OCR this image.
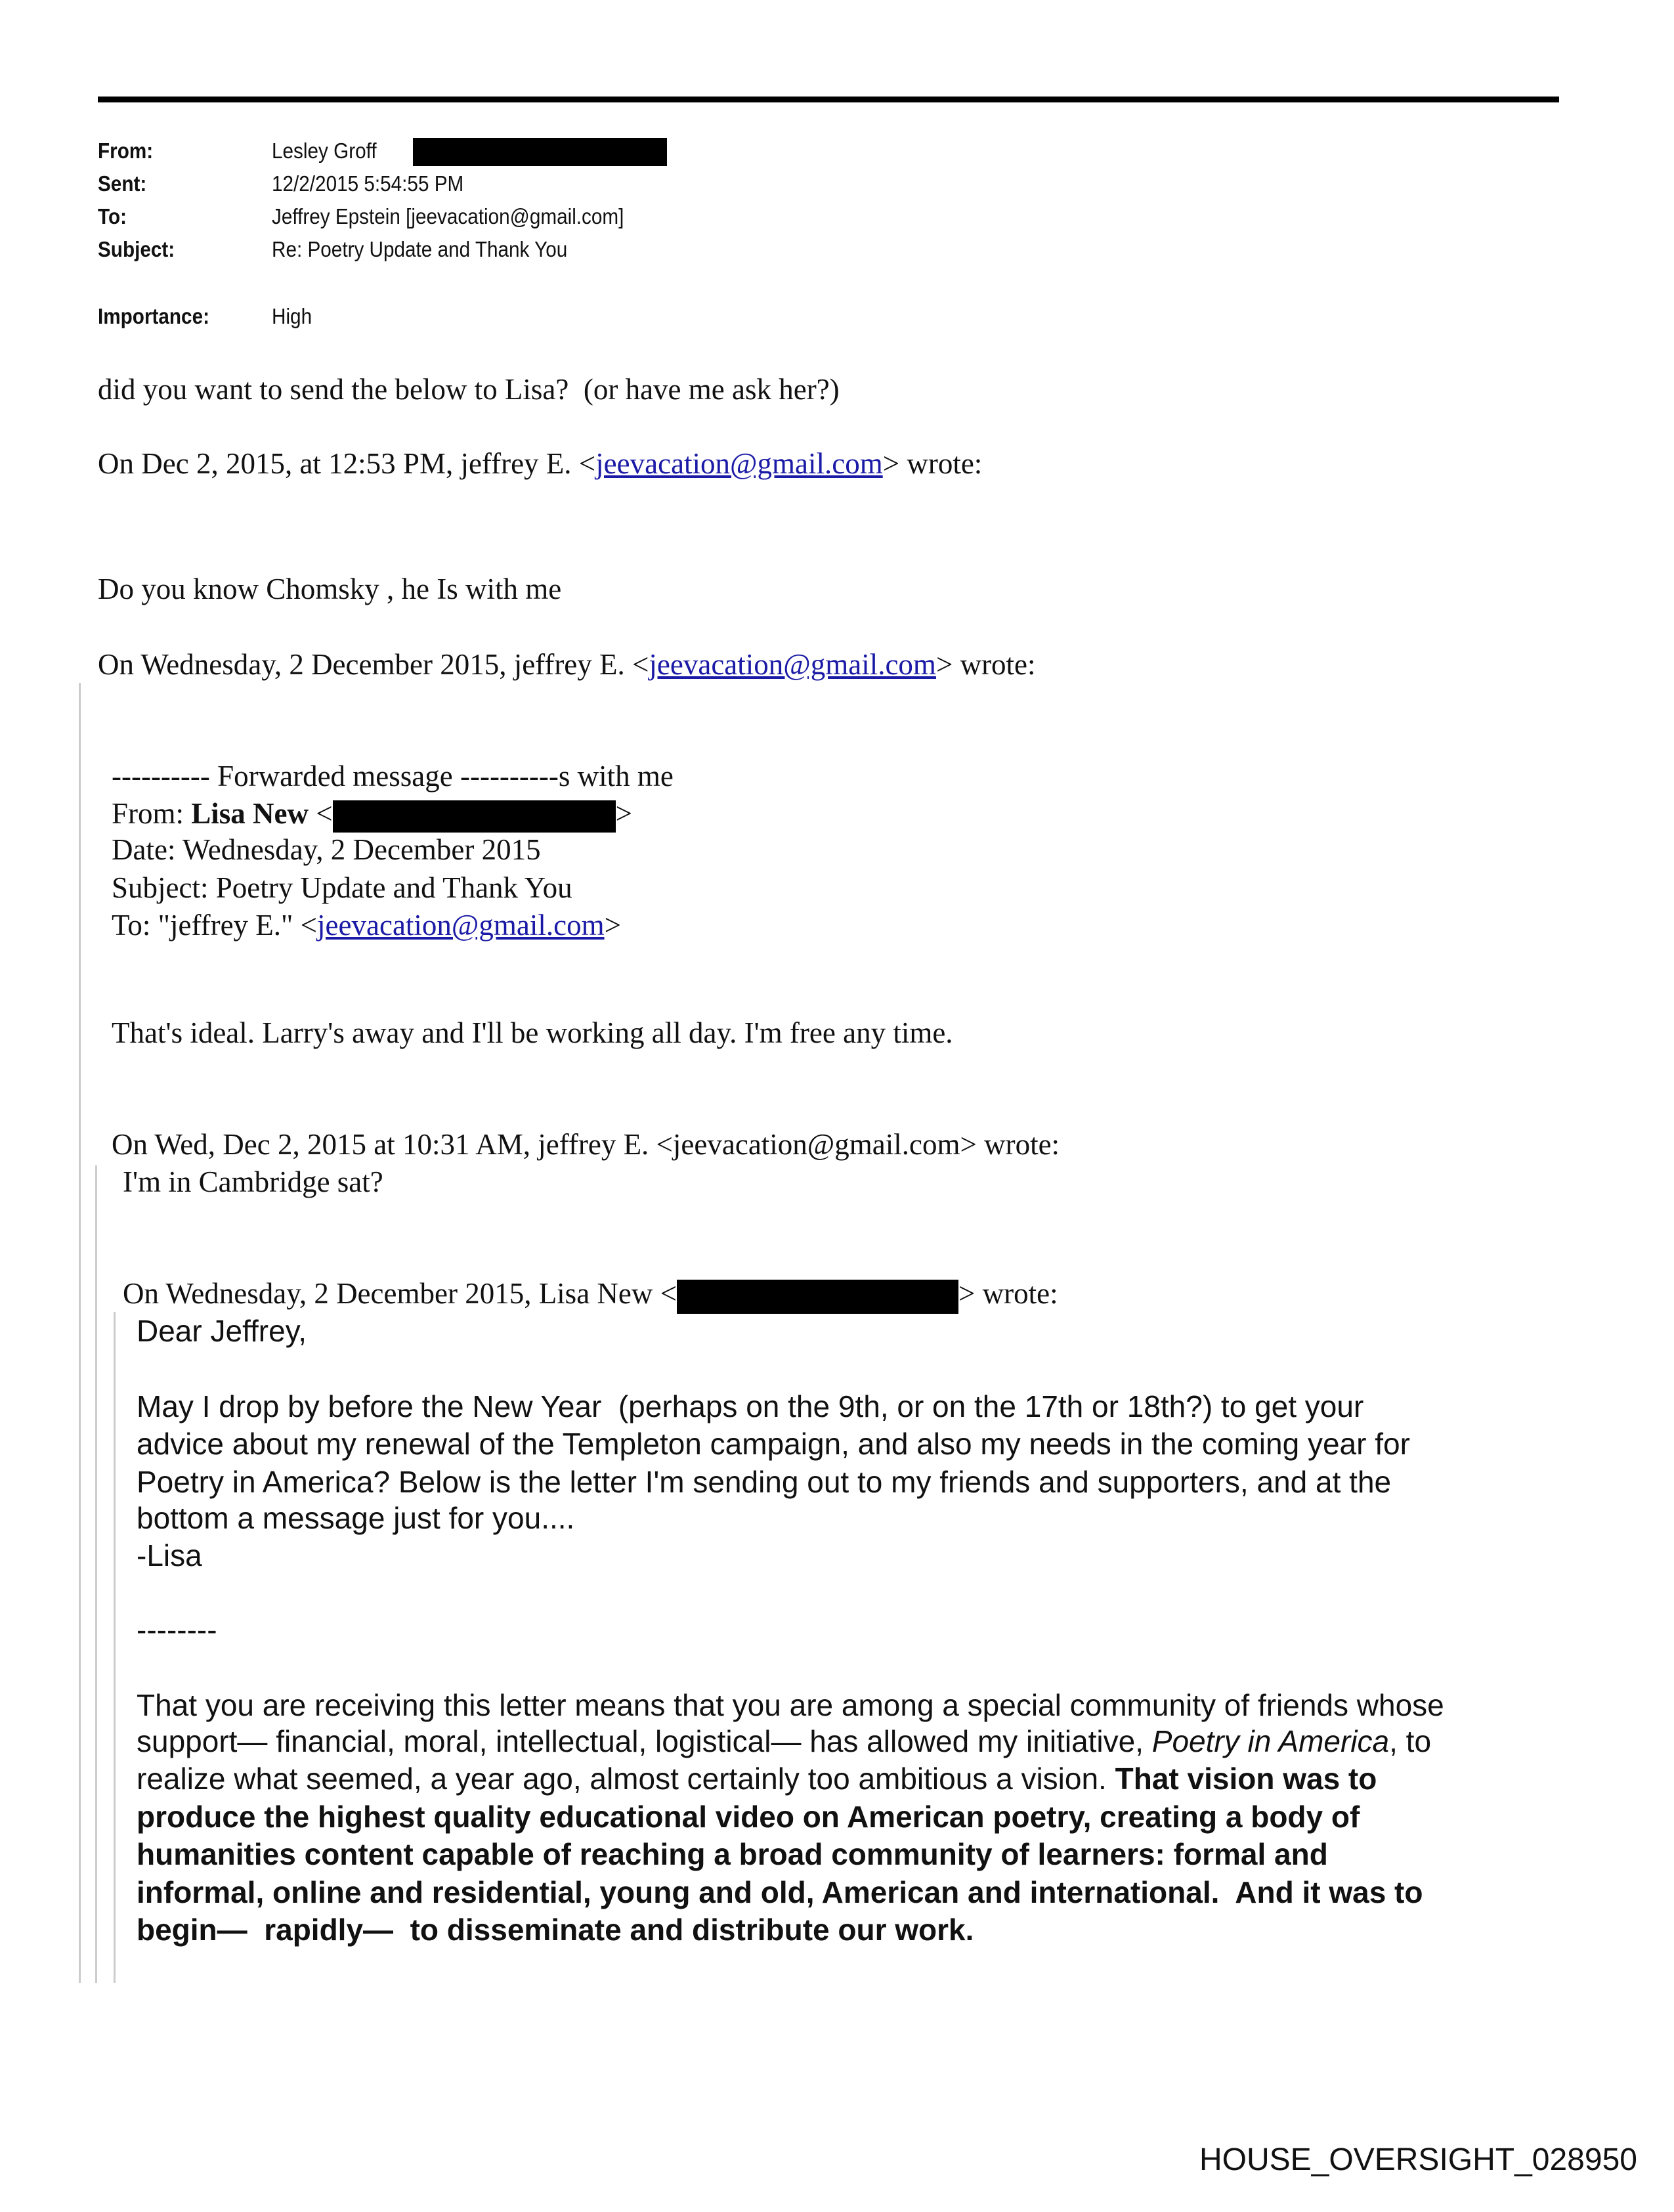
From:	Lesley Groff
Sent:	12/2/2015 5:54:55 PM
To:	Jeffrey Epstein [jeevacation@gmail.com]
Subject:	Re: Poetry Update and Thank You
Importance:	High
did you want to send the below to Lisa?  (or have me ask her?)
On Dec 2, 2015, at 12:53 PM, jeffrey E. <jeevacation@gmail.com> wrote:
Do you know Chomsky , he Is with me
On Wednesday, 2 December 2015, jeffrey E. <jeevacation@gmail.com> wrote:
---------- Forwarded message ----------s with me
From: Lisa New <	>
Date: Wednesday, 2 December 2015
Subject: Poetry Update and Thank You
To: "jeffrey E." <jeevacation@gmail.com>
That's ideal. Larry's away and I'll be working all day. I'm free any time.
On Wed, Dec 2, 2015 at 10:31 AM, jeffrey E. <jeevacation@gmail.com> wrote:
I'm in Cambridge sat?
On Wednesday, 2 December 2015, Lisa New <	> wrote:
Dear Jeffrey,
May I drop by before the New Year  (perhaps on the 9th, or on the 17th or 18th?) to get your
advice about my renewal of the Templeton campaign, and also my needs in the coming year for
Poetry in America? Below is the letter I'm sending out to my friends and supporters, and at the
bottom a message just for you....
-Lisa
--------
That you are receiving this letter means that you are among a special community of friends whose
support— financial, moral, intellectual, logistical— has allowed my initiative, Poetry in America, to
realize what seemed, a year ago, almost certainly too ambitious a vision. That vision was to
produce the highest quality educational video on American poetry, creating a body of
humanities content capable of reaching a broad community of learners: formal and
informal, online and residential, young and old, American and international.  And it was to
begin—  rapidly—  to disseminate and distribute our work.
HOUSE_OVERSIGHT_028950
